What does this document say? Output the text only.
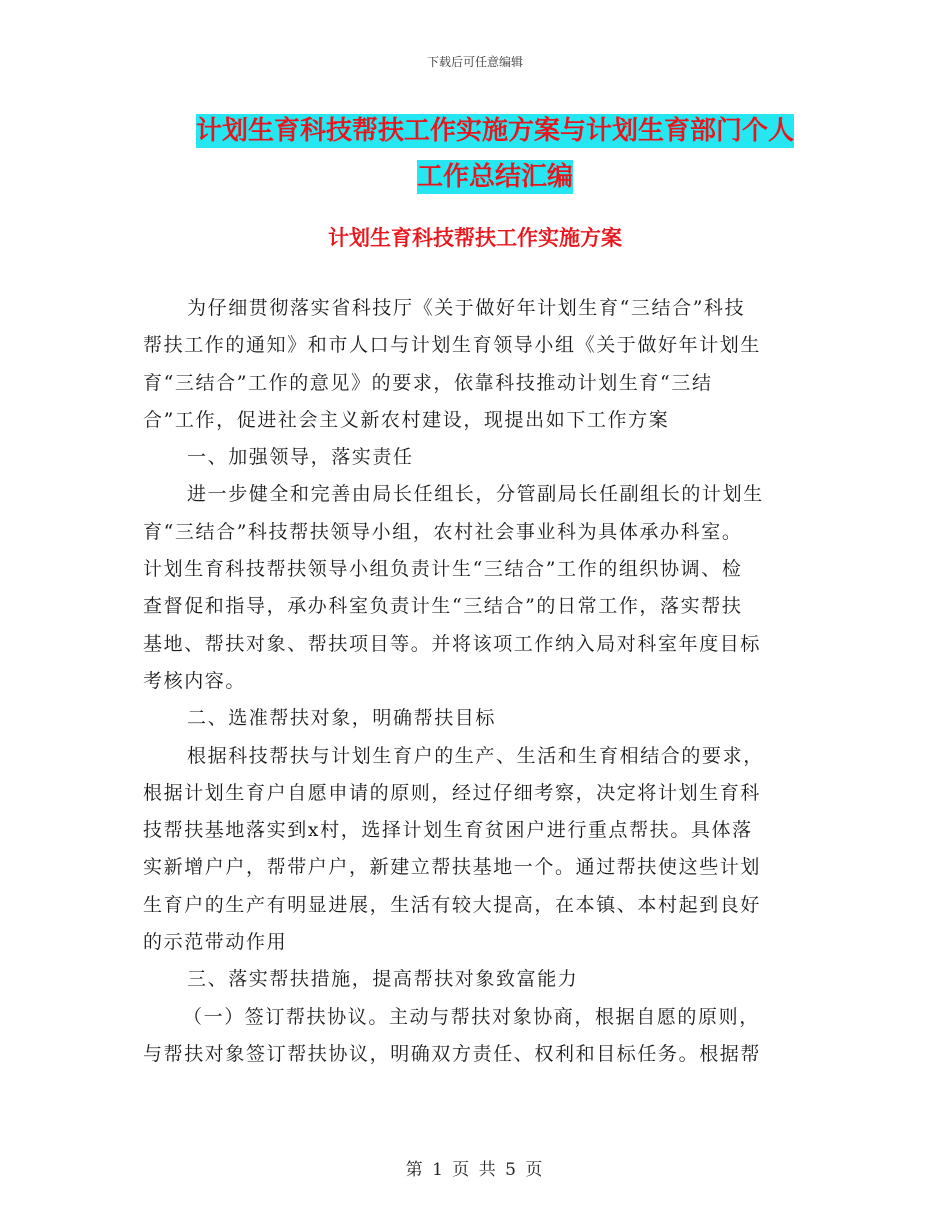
下载后可任意编辑
计划生育科技帮扶工作实施方案与计划生育部门个人
工作总结汇编
计划生育科技帮扶工作实施方案
为仔细贯彻落实省科技厅《关于做好年计划生育“三结合”科技
帮扶工作的通知》和市人口与计划生育领导小组《关于做好年计划生
育“三结合”工作的意见》的要求，依靠科技推动计划生育“三结
合”工作，促进社会主义新农村建设，现提出如下工作方案
一、加强领导，落实责任
进一步健全和完善由局长任组长，分管副局长任副组长的计划生
育“三结合”科技帮扶领导小组，农村社会事业科为具体承办科室。
计划生育科技帮扶领导小组负责计生“三结合”工作的组织协调、检
查督促和指导，承办科室负责计生“三结合”的日常工作，落实帮扶
基地、帮扶对象、帮扶项目等。并将该项工作纳入局对科室年度目标
考核内容。
二、选准帮扶对象，明确帮扶目标
根据科技帮扶与计划生育户的生产、生活和生育相结合的要求，
根据计划生育户自愿申请的原则，经过仔细考察，决定将计划生育科
技帮扶基地落实到x村，选择计划生育贫困户进行重点帮扶。具体落
实新增户户，帮带户户，新建立帮扶基地一个。通过帮扶使这些计划
生育户的生产有明显进展，生活有较大提高，在本镇、本村起到良好
的示范带动作用
三、落实帮扶措施，提高帮扶对象致富能力
（一）签订帮扶协议。主动与帮扶对象协商，根据自愿的原则，
与帮扶对象签订帮扶协议，明确双方责任、权利和目标任务。根据帮
第 1 页 共 5 页
